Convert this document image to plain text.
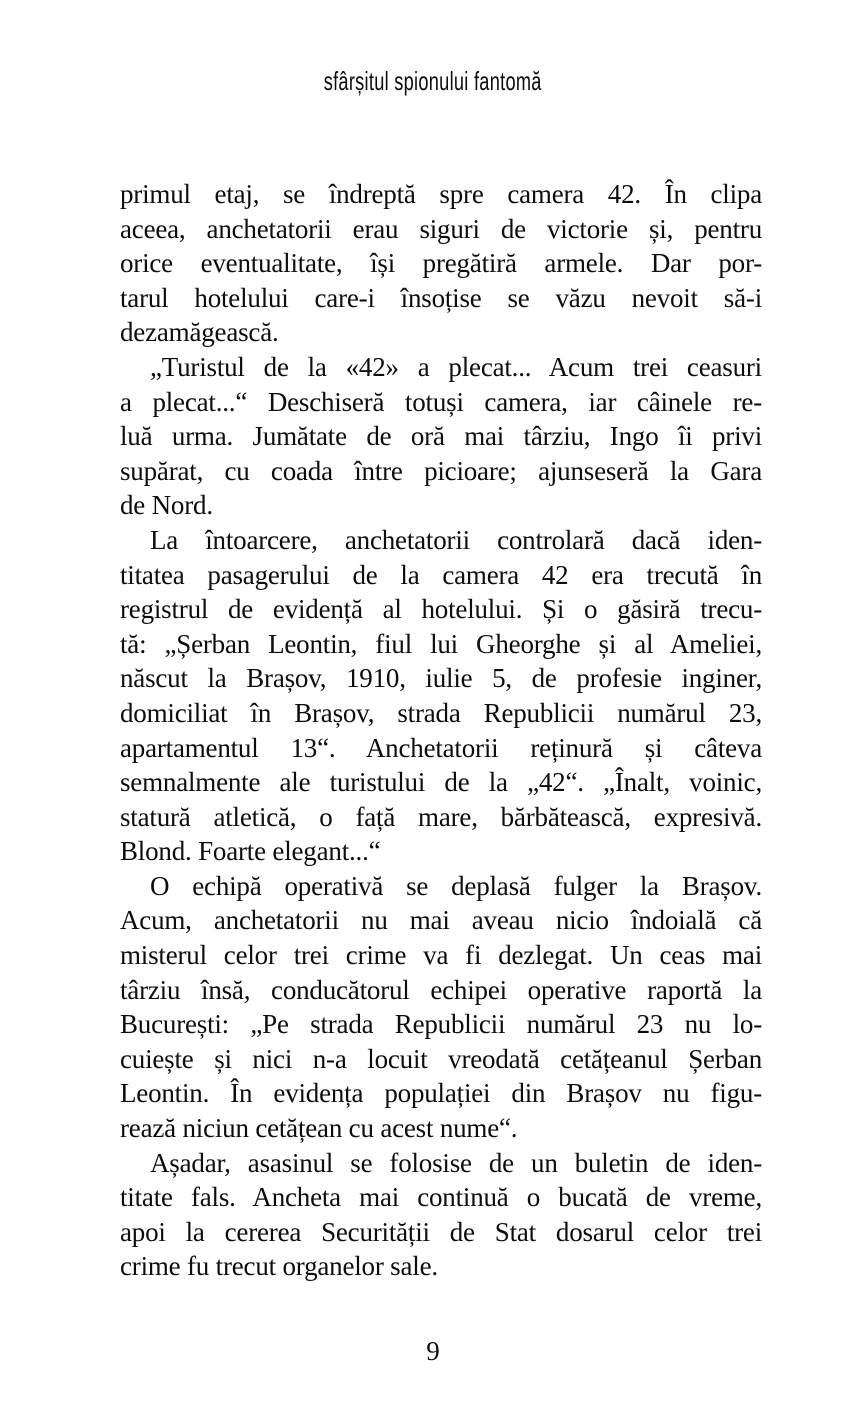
sfârșitul spionului fantomă
primul etaj, se îndreptă spre camera 42. În clipa
aceea, anchetatorii erau siguri de victorie și, pentru
orice eventualitate, își pregătiră armele. Dar por-
tarul hotelului care-i însoțise se văzu nevoit să-i
dezamăgească.
„Turistul de la «42» a plecat... Acum trei ceasuri
a plecat...“ Deschiseră totuși camera, iar câinele re-
luă urma. Jumătate de oră mai târziu, Ingo îi privi
supărat, cu coada între picioare; ajunseseră la Gara
de Nord.
La întoarcere, anchetatorii controlară dacă iden-
titatea pasagerului de la camera 42 era trecută în
registrul de evidență al hotelului. Și o găsiră trecu-
tă: „Șerban Leontin, fiul lui Gheorghe și al Ameliei,
născut la Brașov, 1910, iulie 5, de profesie inginer,
domiciliat în Brașov, strada Republicii numărul 23,
apartamentul 13“. Anchetatorii reținură și câteva
semnalmente ale turistului de la „42“. „Înalt, voinic,
statură atletică, o față mare, bărbătească, expresivă.
Blond. Foarte elegant...“
O echipă operativă se deplasă fulger la Brașov.
Acum, anchetatorii nu mai aveau nicio îndoială că
misterul celor trei crime va fi dezlegat. Un ceas mai
târziu însă, conducătorul echipei operative raportă la
București: „Pe strada Republicii numărul 23 nu lo-
cuiește și nici n-a locuit vreodată cetățeanul Șerban
Leontin. În evidența populației din Brașov nu figu-
rează niciun cetățean cu acest nume“.
Așadar, asasinul se folosise de un buletin de iden-
titate fals. Ancheta mai continuă o bucată de vreme,
apoi la cererea Securității de Stat dosarul celor trei
crime fu trecut organelor sale.
9
